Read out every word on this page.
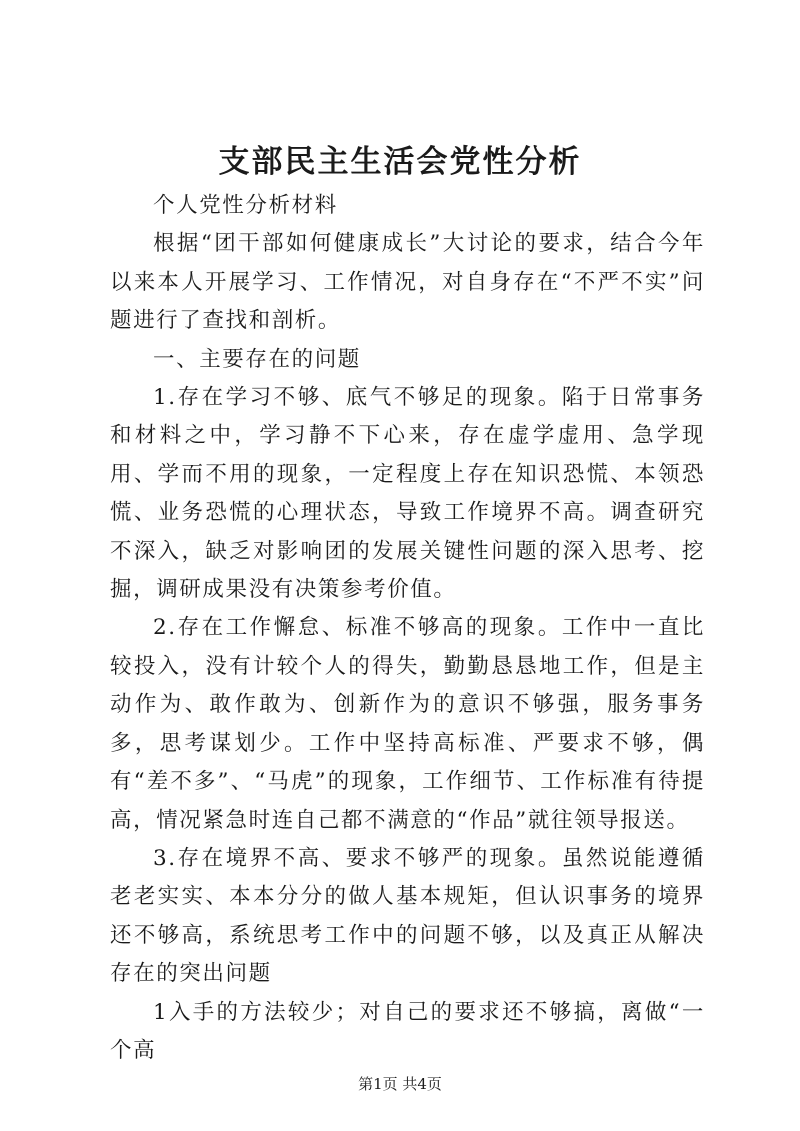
支部民主生活会党性分析

个人党性分析材料

根据“团干部如何健康成长”大讨论的要求，结合今年以来本人开展学习、工作情况，对自身存在“不严不实”问题进行了查找和剖析。

一、主要存在的问题

1.存在学习不够、底气不够足的现象。陷于日常事务和材料之中，学习静不下心来，存在虚学虚用、急学现用、学而不用的现象，一定程度上存在知识恐慌、本领恐慌、业务恐慌的心理状态，导致工作境界不高。调查研究不深入，缺乏对影响团的发展关键性问题的深入思考、挖掘，调研成果没有决策参考价值。

2.存在工作懈怠、标准不够高的现象。工作中一直比较投入，没有计较个人的得失，勤勤恳恳地工作，但是主动作为、敢作敢为、创新作为的意识不够强，服务事务多，思考谋划少。工作中坚持高标准、严要求不够，偶有“差不多”、“马虎”的现象，工作细节、工作标准有待提高，情况紧急时连自己都不满意的“作品”就往领导报送。

3.存在境界不高、要求不够严的现象。虽然说能遵循老老实实、本本分分的做人基本规矩，但认识事务的境界还不够高，系统思考工作中的问题不够，以及真正从解决存在的突出问题

1入手的方法较少；对自己的要求还不够搞，离做“一个高

第1页 共4页
